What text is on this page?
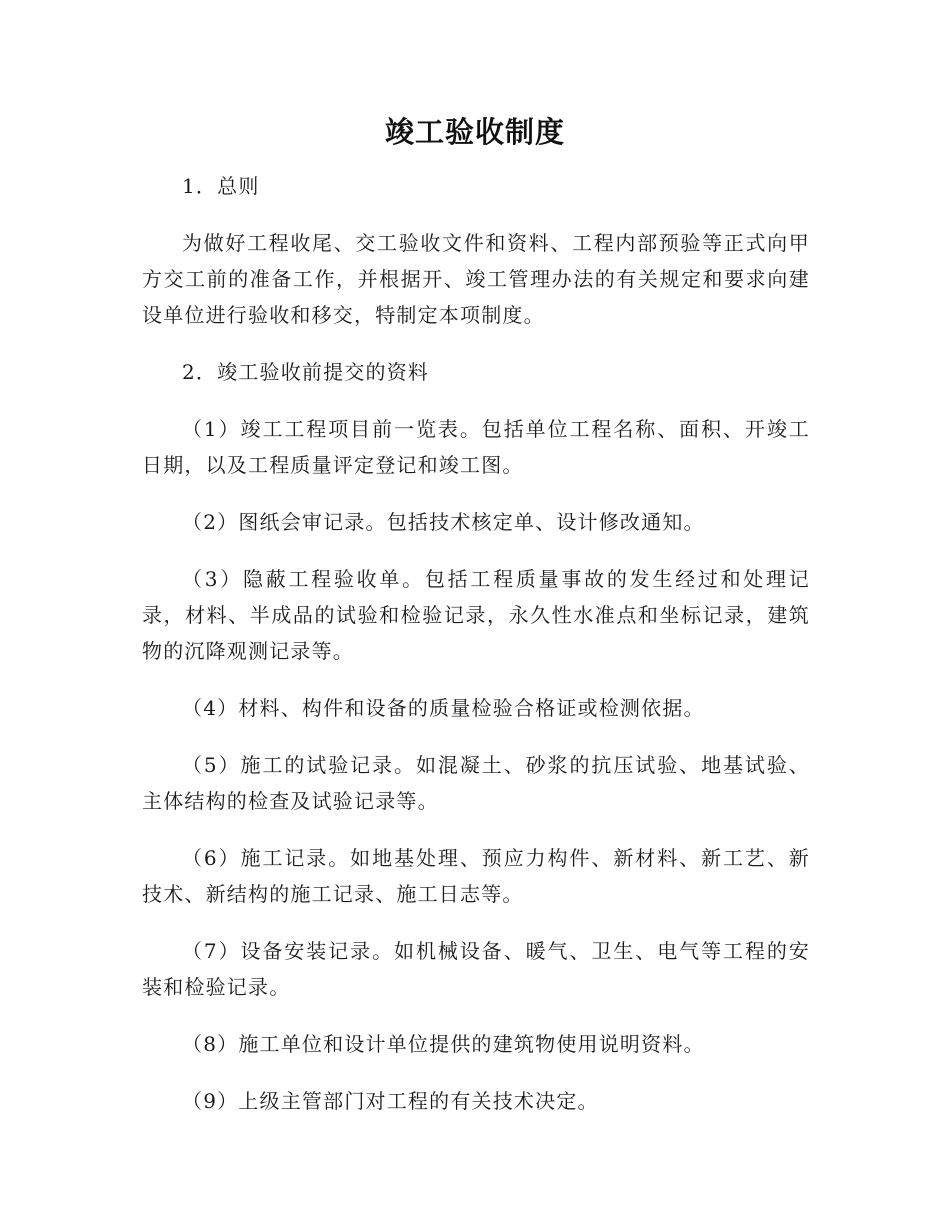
竣工验收制度

1．总则

为做好工程收尾、交工验收文件和资料、工程内部预验等正式向甲方交工前的准备工作，并根据开、竣工管理办法的有关规定和要求向建设单位进行验收和移交，特制定本项制度。

2．竣工验收前提交的资料

（1）竣工工程项目前一览表。包括单位工程名称、面积、开竣工日期，以及工程质量评定登记和竣工图。

（2）图纸会审记录。包括技术核定单、设计修改通知。

（3）隐蔽工程验收单。包括工程质量事故的发生经过和处理记录，材料、半成品的试验和检验记录，永久性水准点和坐标记录，建筑物的沉降观测记录等。

（4）材料、构件和设备的质量检验合格证或检测依据。

（5）施工的试验记录。如混凝土、砂浆的抗压试验、地基试验、主体结构的检查及试验记录等。

（6）施工记录。如地基处理、预应力构件、新材料、新工艺、新技术、新结构的施工记录、施工日志等。

（7）设备安装记录。如机械设备、暖气、卫生、电气等工程的安装和检验记录。

（8）施工单位和设计单位提供的建筑物使用说明资料。

（9）上级主管部门对工程的有关技术决定。
